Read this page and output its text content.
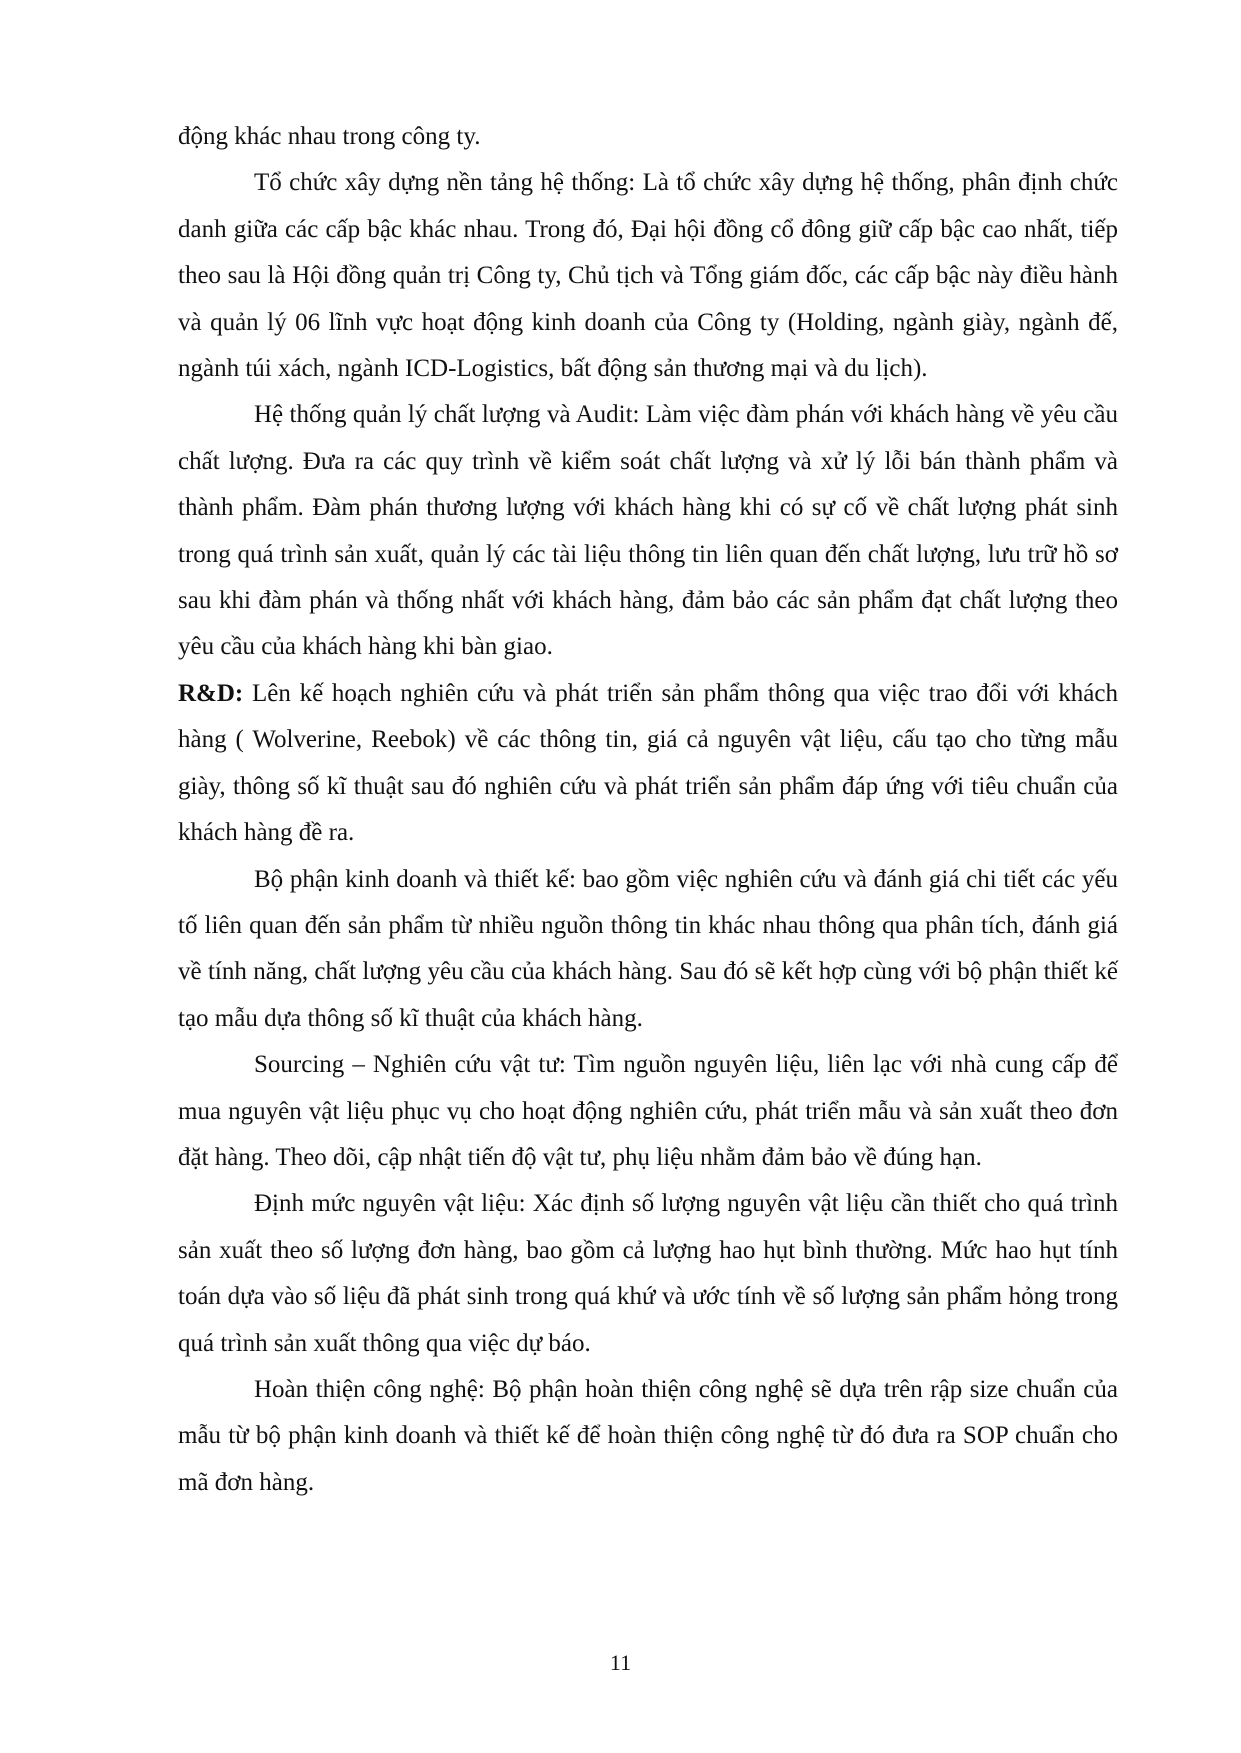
động khác nhau trong công ty.

Tổ chức xây dựng nền tảng hệ thống: Là tổ chức xây dựng hệ thống, phân định chức danh giữa các cấp bậc khác nhau. Trong đó, Đại hội đồng cổ đông giữ cấp bậc cao nhất, tiếp theo sau là Hội đồng quản trị Công ty, Chủ tịch và Tổng giám đốc, các cấp bậc này điều hành và quản lý 06 lĩnh vực hoạt động kinh doanh của Công ty (Holding, ngành giày, ngành đế, ngành túi xách, ngành ICD-Logistics, bất động sản thương mại và du lịch).

Hệ thống quản lý chất lượng và Audit: Làm việc đàm phán với khách hàng về yêu cầu chất lượng. Đưa ra các quy trình về kiểm soát chất lượng và xử lý lỗi bán thành phẩm và thành phẩm. Đàm phán thương lượng với khách hàng khi có sự cố về chất lượng phát sinh trong quá trình sản xuất, quản lý các tài liệu thông tin liên quan đến chất lượng, lưu trữ hồ sơ sau khi đàm phán và thống nhất với khách hàng, đảm bảo các sản phẩm đạt chất lượng theo yêu cầu của khách hàng khi bàn giao.

R&D: Lên kế hoạch nghiên cứu và phát triển sản phẩm thông qua việc trao đổi với khách hàng ( Wolverine, Reebok) về các thông tin, giá cả nguyên vật liệu, cấu tạo cho từng mẫu giày, thông số kĩ thuật sau đó nghiên cứu và phát triển sản phẩm đáp ứng với tiêu chuẩn của khách hàng đề ra.

Bộ phận kinh doanh và thiết kế: bao gồm việc nghiên cứu và đánh giá chi tiết các yếu tố liên quan đến sản phẩm từ nhiều nguồn thông tin khác nhau thông qua phân tích, đánh giá về tính năng, chất lượng yêu cầu của khách hàng. Sau đó sẽ kết hợp cùng với bộ phận thiết kế tạo mẫu dựa thông số kĩ thuật của khách hàng.

Sourcing – Nghiên cứu vật tư: Tìm nguồn nguyên liệu, liên lạc với nhà cung cấp để mua nguyên vật liệu phục vụ cho hoạt động nghiên cứu, phát triển mẫu và sản xuất theo đơn đặt hàng. Theo dõi, cập nhật tiến độ vật tư, phụ liệu nhằm đảm bảo về đúng hạn.

Định mức nguyên vật liệu: Xác định số lượng nguyên vật liệu cần thiết cho quá trình sản xuất theo số lượng đơn hàng, bao gồm cả lượng hao hụt bình thường. Mức hao hụt tính toán dựa vào số liệu đã phát sinh trong quá khứ và ước tính về số lượng sản phẩm hỏng trong quá trình sản xuất thông qua việc dự báo.

Hoàn thiện công nghệ: Bộ phận hoàn thiện công nghệ sẽ dựa trên rập size chuẩn của mẫu từ bộ phận kinh doanh và thiết kế để hoàn thiện công nghệ từ đó đưa ra SOP chuẩn cho mã đơn hàng.

11
